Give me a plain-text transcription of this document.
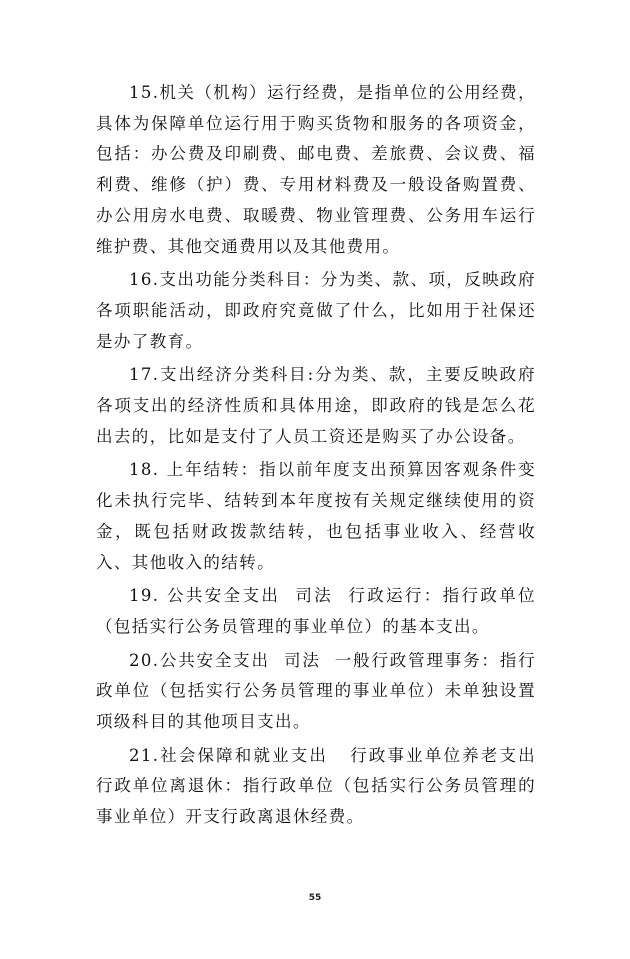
15.机关（机构）运行经费，是指单位的公用经费，具体为保障单位运行用于购买货物和服务的各项资金，包括：办公费及印刷费、邮电费、差旅费、会议费、福利费、维修（护）费、专用材料费及一般设备购置费、办公用房水电费、取暖费、物业管理费、公务用车运行维护费、其他交通费用以及其他费用。

16.支出功能分类科目：分为类、款、项，反映政府各项职能活动，即政府究竟做了什么，比如用于社保还是办了教育。

17.支出经济分类科目:分为类、款，主要反映政府各项支出的经济性质和具体用途，即政府的钱是怎么花出去的，比如是支付了人员工资还是购买了办公设备。

18. 上年结转：指以前年度支出预算因客观条件变化未执行完毕、结转到本年度按有关规定继续使用的资金，既包括财政拨款结转，也包括事业收入、经营收入、其他收入的结转。

19. 公共安全支出  司法  行政运行：指行政单位（包括实行公务员管理的事业单位）的基本支出。

20.公共安全支出  司法  一般行政管理事务：指行政单位（包括实行公务员管理的事业单位）未单独设置项级科目的其他项目支出。

21.社会保障和就业支出   行政事业单位养老支出  行政单位离退休：指行政单位（包括实行公务员管理的事业单位）开支行政离退休经费。

55
